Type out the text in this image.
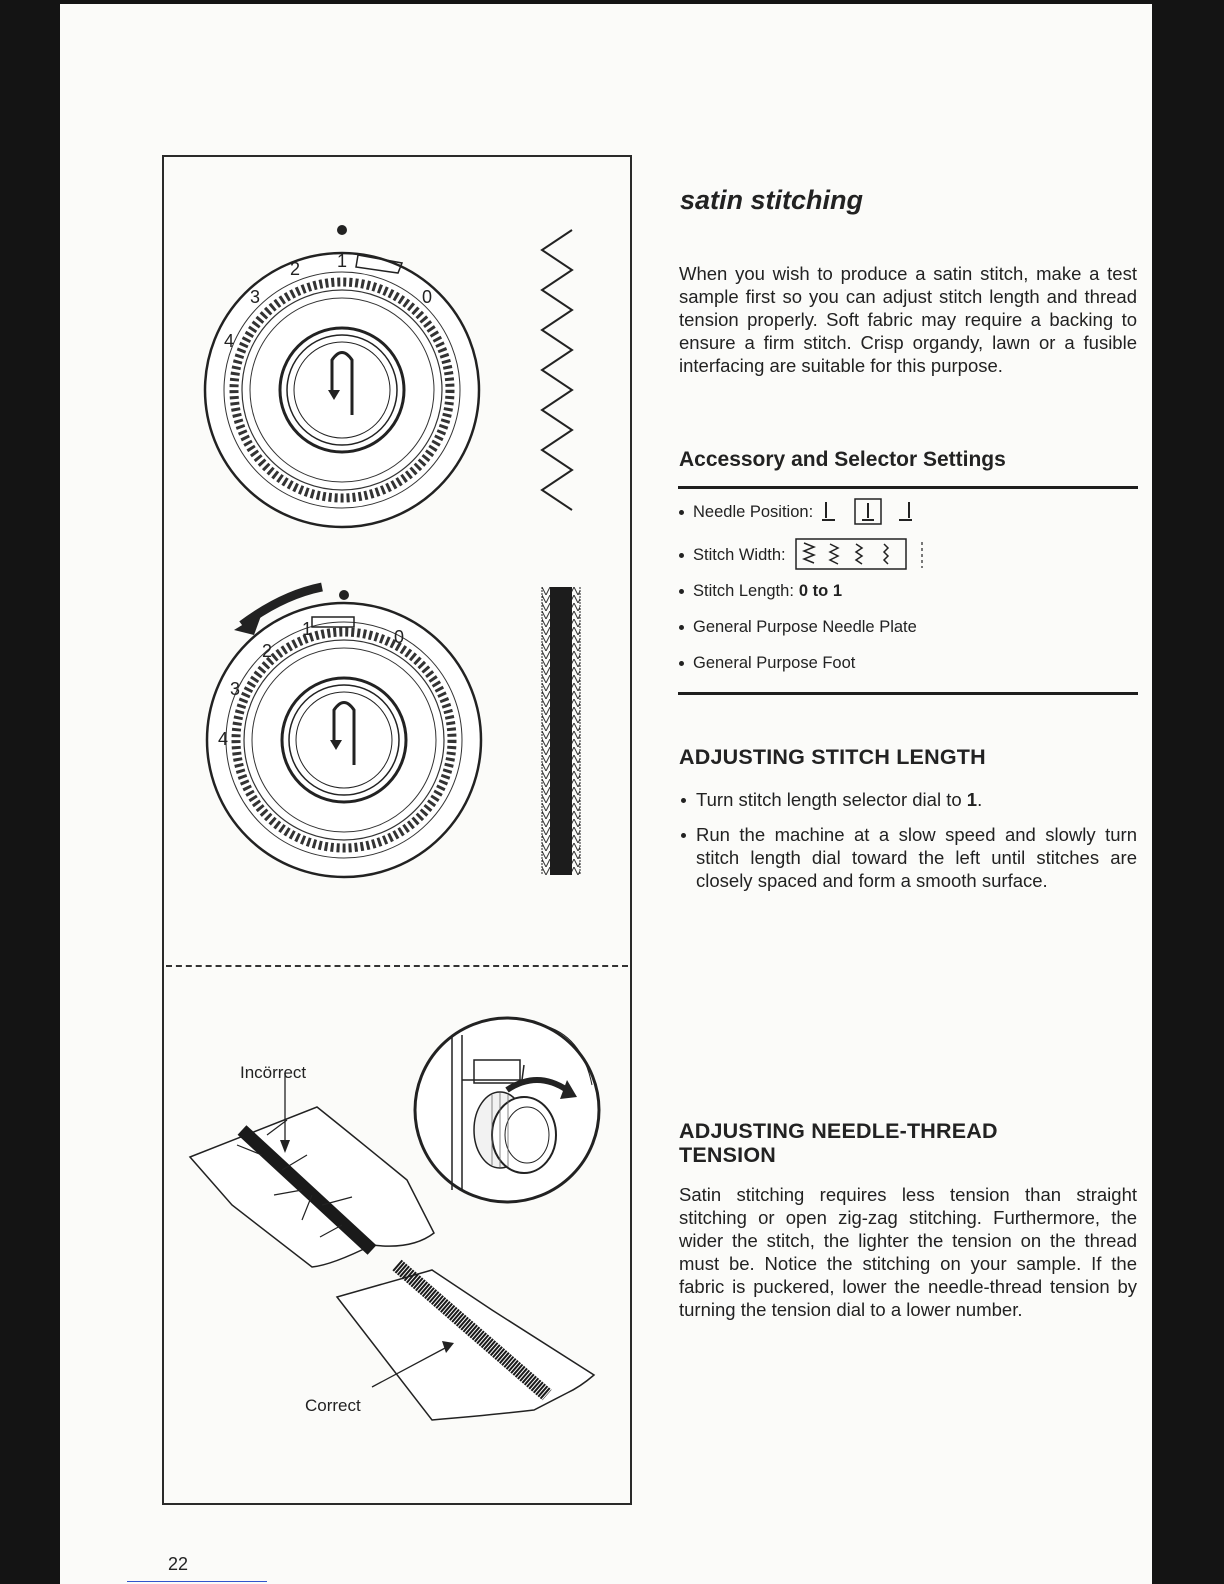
1
2
3
4
0
1
2
3
4
0
Incörrect
Correct
satin stitching

When you wish to produce a satin stitch, make a test sample first so you can adjust stitch length and thread tension properly. Soft fabric may require a backing to ensure a firm stitch. Crisp organdy, lawn or a fusible interfacing are suitable for this purpose.

Accessory and Selector Settings
Needle Position:
Stitch Width:
Stitch Length: 0 to 1
General Purpose Needle Plate
General Purpose Foot
ADJUSTING STITCH LENGTH
Turn stitch length selector dial to 1.
Run the machine at a slow speed and slowly turn stitch length dial toward the left until stitches are closely spaced and form a smooth surface.
ADJUSTING NEEDLE-THREAD
TENSION

Satin stitching requires less tension than straight stitching or open zig-zag stitching. Furthermore, the wider the stitch, the lighter the tension on the thread must be. Notice the stitching on your sample. If the fabric is puckered, lower the needle-thread tension by turning the tension dial to a lower number.

22
